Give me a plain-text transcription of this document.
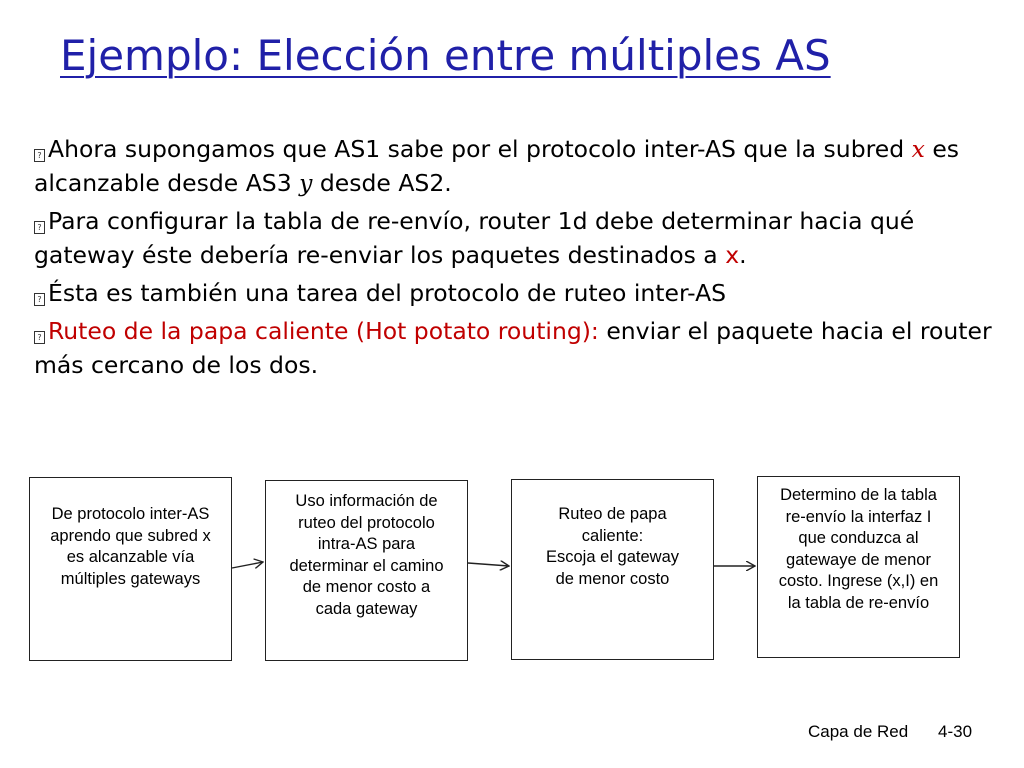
Ejemplo: Elección entre múltiples AS

? Ahora supongamos que AS1 sabe por el protocolo inter-AS que la subred x es alcanzable desde AS3 y desde AS2.

? Para configurar la tabla de re-envío, router 1d debe determinar hacia qué gateway éste debería re-enviar los paquetes destinados a x.

? Ésta es también una tarea del protocolo de ruteo inter-AS

? Ruteo de la papa caliente (Hot potato routing): enviar el paquete hacia el router más cercano de los dos.

De protocolo inter-AS
aprendo que subred x
es alcanzable vía
múltiples gateways
Uso información de
ruteo del protocolo
intra-AS para
determinar el camino
de menor costo a
cada gateway
Ruteo de papa
caliente:
Escoja el gateway
de menor costo
Determino de la tabla
re-envío la interfaz I
que conduzca al
gatewaye de menor
costo. Ingrese (x,I) en
la tabla de re-envío
Capa de Red 4-30
